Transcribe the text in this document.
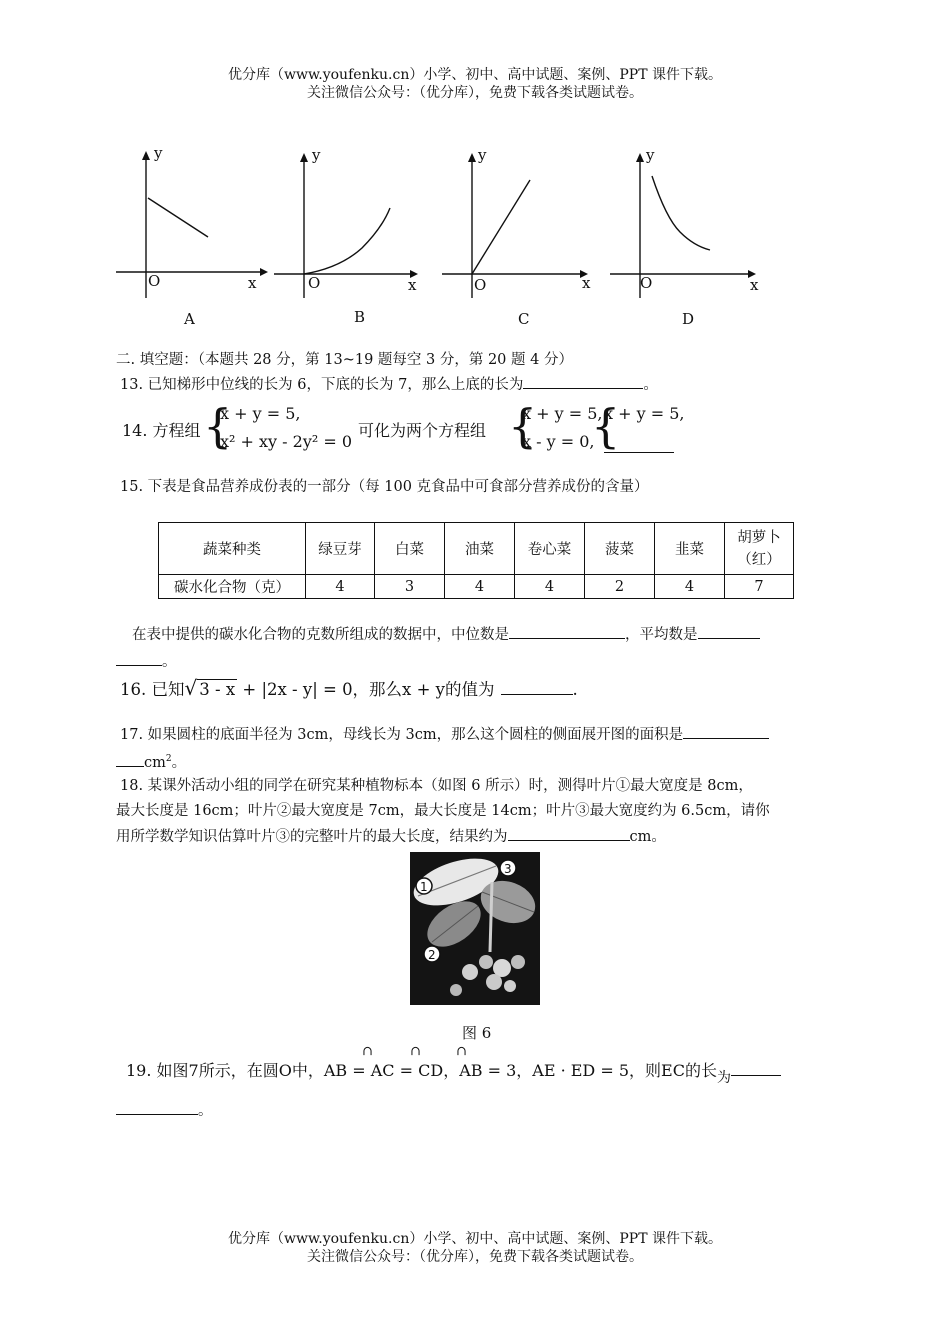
优分库（www.youfenku.cn）小学、初中、高中试题、案例、PPT 课件下载。
关注微信公众号：（优分库），免费下载各类试题试卷。
y
O	x
A
y
O	x
B
y
O	x
C
y
O	x
D
二. 填空题：（本题共 28 分，第 13~19 题每空 3 分，第 20 题 4 分）
13. 已知梯形中位线的长为 6，下底的长为 7，那么上底的长为	。
14. 方程组 {
x + y = 5,
x² + xy - 2y² = 0
可化为两个方程组 {
x + y = 5,
x - y = 0,
{
x + y = 5,
15. 下表是食品营养成份表的一部分（每 100 克食品中可食部分营养成份的含量）
蔬菜种类	绿豆芽	白菜	油菜	卷心菜	菠菜	韭菜	胡萝卜
（红）

碳水化合物（克）	4	3	4	4	2	4	7
在表中提供的碳水化合物的克数所组成的数据中，中位数是	，平均数是
。
16. 已知√ 3 - x + |2x - y| = 0，那么x + y的值为	.
17. 如果圆柱的底面半径为 3cm，母线长为 3cm，那么这个圆柱的侧面展开图的面积是
$cm^2$。
18. 某课外活动小组的同学在研究某种植物标本（如图 6 所示）时，测得叶片①最大宽度是 8cm，
最大长度是 16cm；叶片②最大宽度是 7cm，最大长度是 14cm；叶片③最大宽度约为 6.5cm，请你
用所学数学知识估算叶片③的完整叶片的最大长度，结果约为	cm。
1
2
3
图 6
∩	∩	∩
19. 如图7所示，在圆O中，AB = AC = CD，AB = 3，AE · ED = 5，则EC的长为
。
优分库（www.youfenku.cn）小学、初中、高中试题、案例、PPT 课件下载。
关注微信公众号：（优分库），免费下载各类试题试卷。
